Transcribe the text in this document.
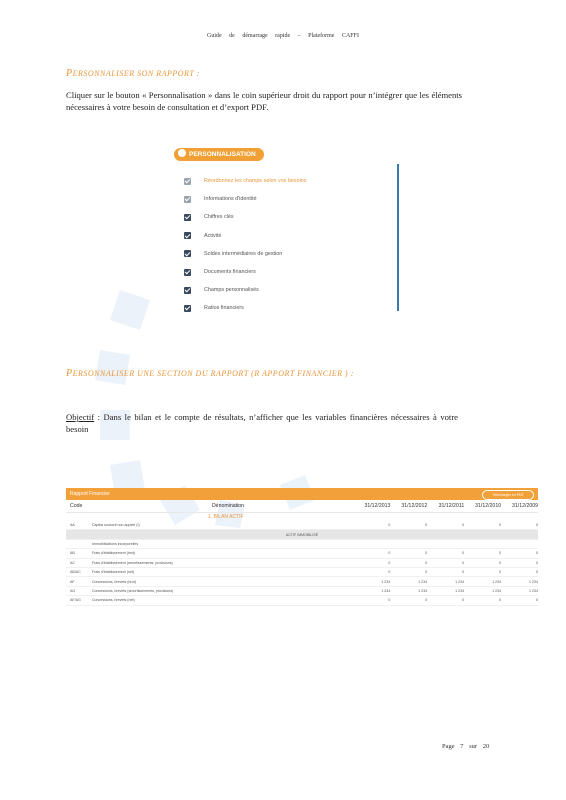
Guide de démarrage rapide – Plateforme CAFFI
PERSONNALISER SON RAPPORT :
Cliquer sur le bouton « Personnalisation » dans le coin supérieur droit du rapport pour n’intégrer que les éléments nécessaires à votre besoin de consultation et d’export PDF.
PERSONNALISATION
Réordonnez les champs selon vos besoins
Informations d'identité
Chiffres clés
Activité
Soldes intermédiaires de gestion
Documents financiers
Champs personnalisés
Ratios financiers
PERSONNALISER UNE SECTION DU RAPPORT (R APPORT FINANCIER ) :
Objectif : Dans le bilan et le compte de résultats, n’afficher que les variables financières nécessaires à votre besoin
Rapport Financier	Télécharger en PDF
Code	Dénomination	31/12/2013	31/12/2012	31/12/2011	31/12/2010	31/12/2009
1. BILAN ACTIF
AA	Capital souscrit non appelé (I)	0	0	0	0	0
ACTIF IMMOBILISÉ
Immobilisations incorporelles
AB	Frais d'établissement (brut)	0	0	0	0	0
AC	Frais d'établissement (amortissements, provisions)	0	0	0	0	0
AB/AC	Frais d'établissement (net)	0	0	0	0	0
AF	Concessions, brevets (brut)	1 234	1 234	1 234	1 234	1 234
AG	Concessions, brevets (amortissements, provisions)	1 234	1 234	1 234	1 234	1 234
AF/AG	Concessions, brevets (net)	0	0	0	0	0
Page 7 sur 20
